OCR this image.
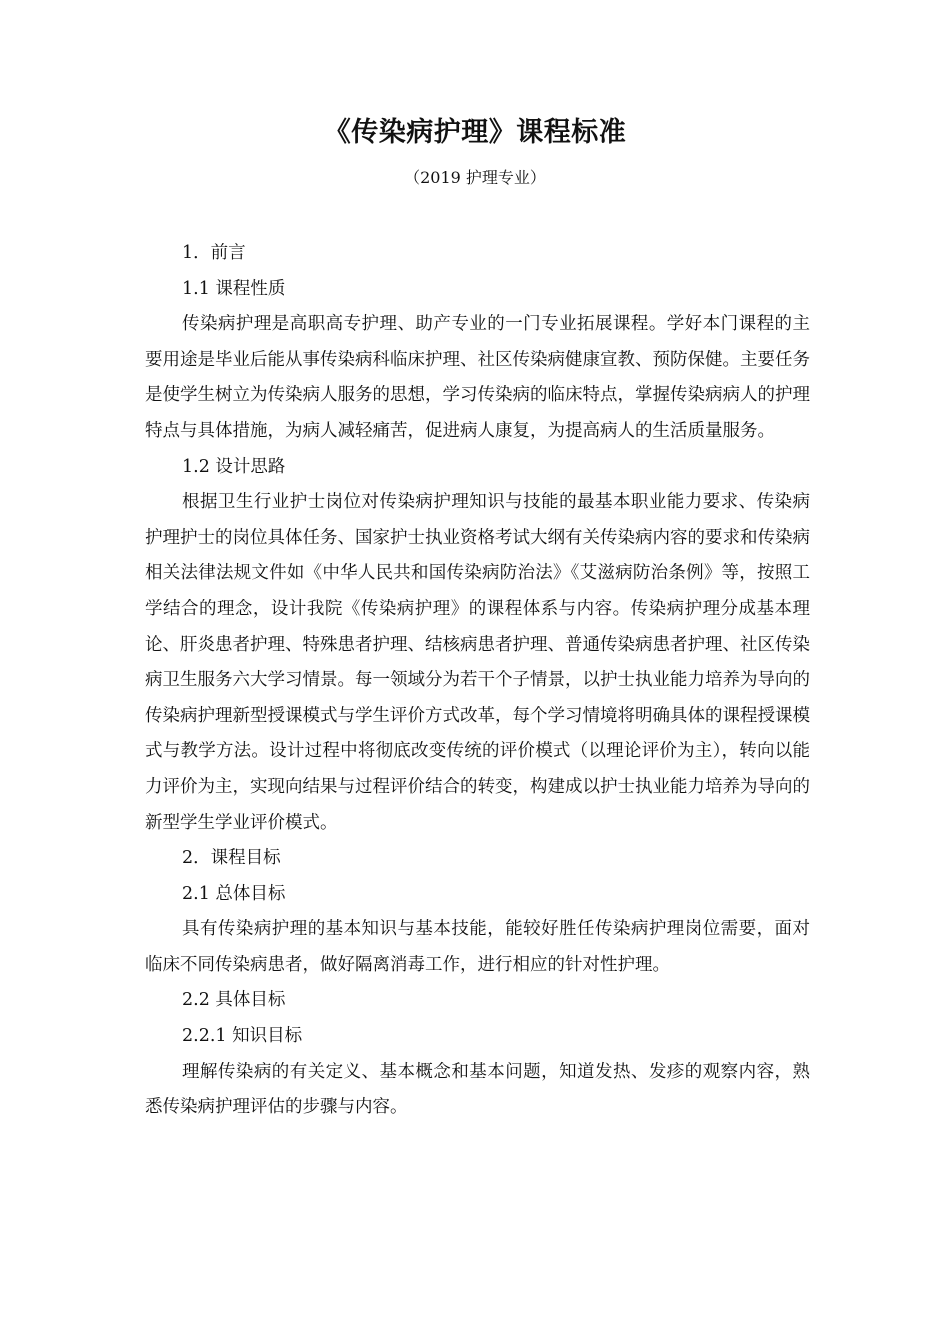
《传染病护理》课程标准

（2019 护理专业）

1．前言

1.1 课程性质

传染病护理是高职高专护理、助产专业的一门专业拓展课程。学好本门课程的主要用途是毕业后能从事传染病科临床护理、社区传染病健康宣教、预防保健。主要任务是使学生树立为传染病人服务的思想，学习传染病的临床特点，掌握传染病病人的护理特点与具体措施，为病人减轻痛苦，促进病人康复，为提高病人的生活质量服务。

1.2 设计思路

根据卫生行业护士岗位对传染病护理知识与技能的最基本职业能力要求、传染病护理护士的岗位具体任务、国家护士执业资格考试大纲有关传染病内容的要求和传染病相关法律法规文件如《中华人民共和国传染病防治法》《艾滋病防治条例》等，按照工学结合的理念，设计我院《传染病护理》的课程体系与内容。传染病护理分成基本理论、肝炎患者护理、特殊患者护理、结核病患者护理、普通传染病患者护理、社区传染病卫生服务六大学习情景。每一领域分为若干个子情景，以护士执业能力培养为导向的传染病护理新型授课模式与学生评价方式改革，每个学习情境将明确具体的课程授课模式与教学方法。设计过程中将彻底改变传统的评价模式（以理论评价为主），转向以能力评价为主，实现向结果与过程评价结合的转变，构建成以护士执业能力培养为导向的新型学生学业评价模式。

2．课程目标

2.1 总体目标

具有传染病护理的基本知识与基本技能，能较好胜任传染病护理岗位需要，面对临床不同传染病患者，做好隔离消毒工作，进行相应的针对性护理。

2.2 具体目标

2.2.1 知识目标

理解传染病的有关定义、基本概念和基本问题，知道发热、发疹的观察内容，熟悉传染病护理评估的步骤与内容。
